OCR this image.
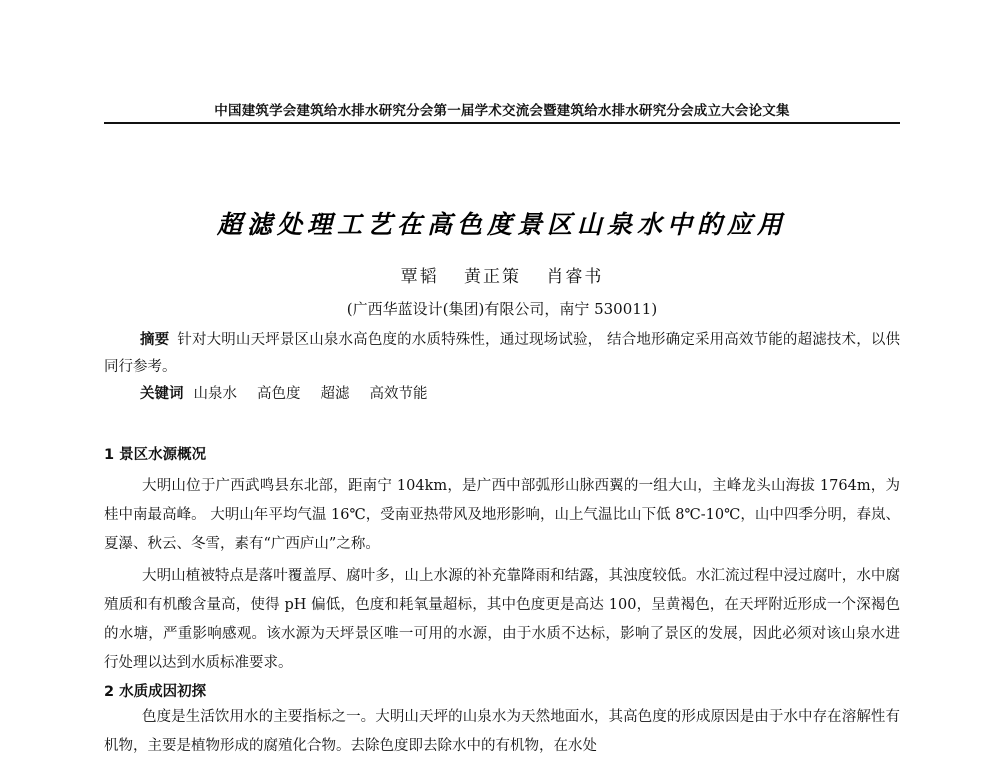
中国建筑学会建筑给水排水研究分会第一届学术交流会暨建筑给水排水研究分会成立大会论文集
超滤处理工艺在高色度景区山泉水中的应用
覃韬 黄正策 肖睿书
(广西华蓝设计(集团)有限公司，南宁 530011)
摘要 针对大明山天坪景区山泉水高色度的水质特殊性，通过现场试验， 结合地形确定采用高效节能的超滤技术，以供同行参考。
关键词 山泉水 高色度 超滤 高效节能
1 景区水源概况
大明山位于广西武鸣县东北部，距南宁 104km，是广西中部弧形山脉西翼的一组大山，主峰龙头山海拔 1764m，为桂中南最高峰。 大明山年平均气温 16℃，受南亚热带风及地形影响，山上气温比山下低 8℃-10℃，山中四季分明，春岚、夏瀑、秋云、冬雪，素有“广西庐山”之称。
大明山植被特点是落叶覆盖厚、腐叶多，山上水源的补充靠降雨和结露，其浊度较低。水汇流过程中浸过腐叶，水中腐殖质和有机酸含量高，使得 pH 偏低，色度和耗氧量超标，其中色度更是高达 100，呈黄褐色，在天坪附近形成一个深褐色的水塘，严重影响感观。该水源为天坪景区唯一可用的水源，由于水质不达标，影响了景区的发展，因此必须对该山泉水进行处理以达到水质标准要求。
2 水质成因初探
色度是生活饮用水的主要指标之一。大明山天坪的山泉水为天然地面水，其高色度的形成原因是由于水中存在溶解性有机物，主要是植物形成的腐殖化合物。去除色度即去除水中的有机物，在水处
